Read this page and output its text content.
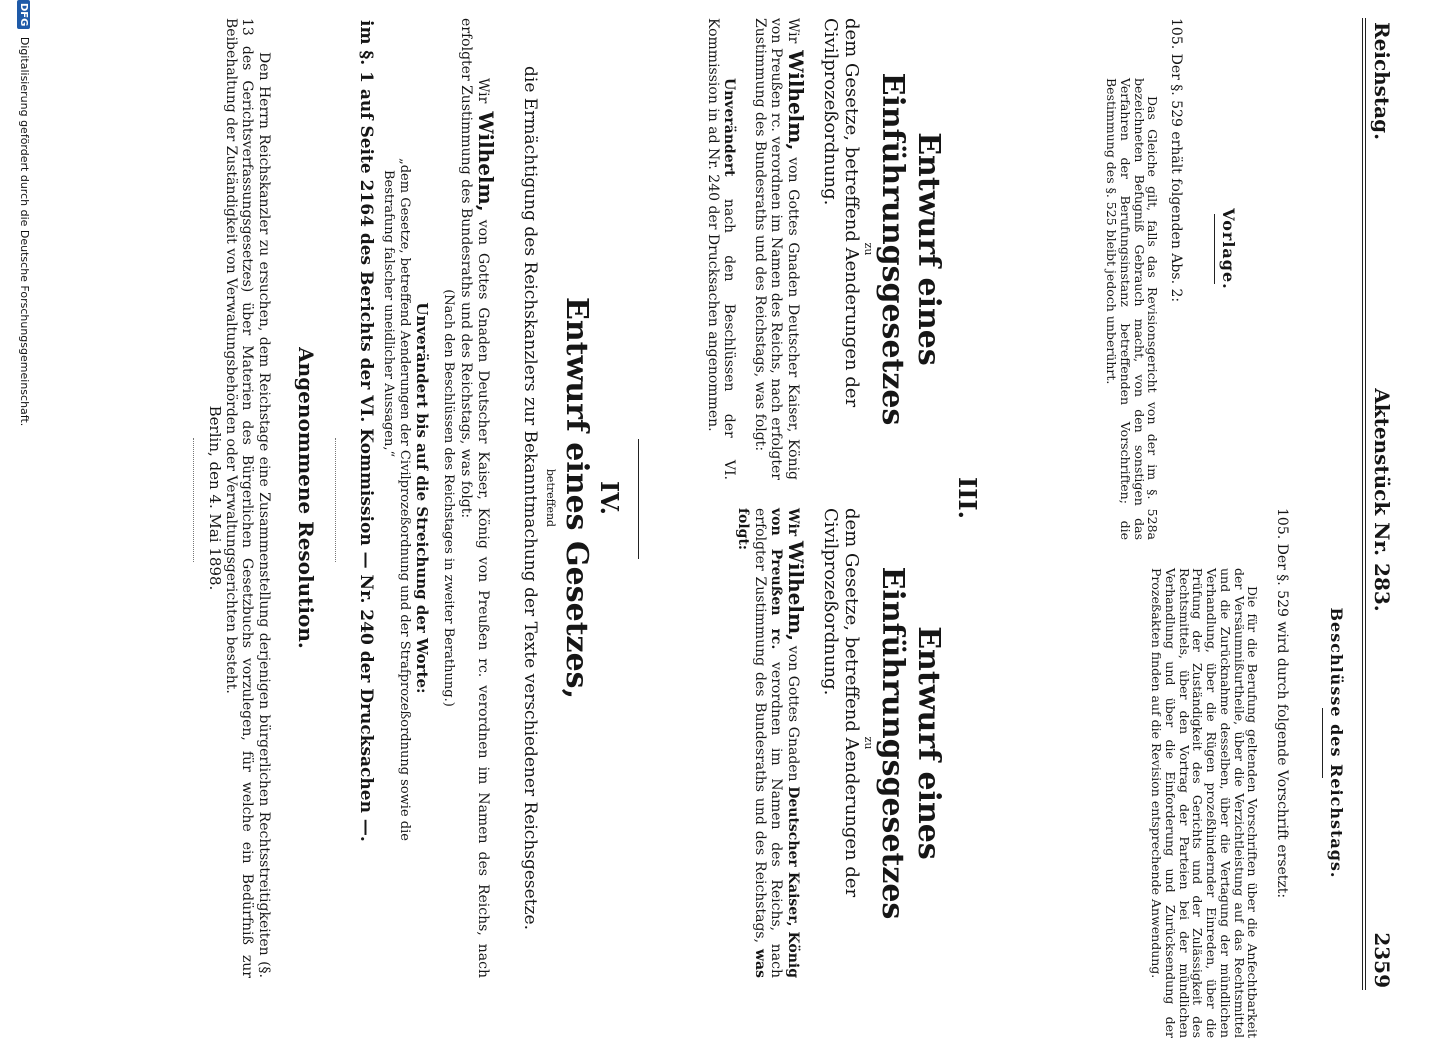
Reichstag.
Aktenstück Nr. 283.
2359
Vorlage.
Beschlüsse des Reichstags.

105. Der §. 529 erhält folgenden Abs. 2:

Das Gleiche gilt, falls das Revisionsgericht von der im §. 528a bezeichneten Befugniß Gebrauch macht, von den sonstigen das Verfahren der Berufungsinstanz betreffenden Vorschriften; die Bestimmung des §. 525 bleibt jedoch unberührt.

105. Der §. 529 wird durch folgende Vorschrift ersetzt:

Die für die Berufung geltenden Vorschriften über die Anfechtbarkeit der Versäumnißurtheile, über die Verzichtleistung auf das Rechtsmittel und die Zurücknahme desselben, über die Vertagung der mündlichen Verhandlung, über die Rügen prozeßhindernder Einreden, über die Prüfung der Zuständigkeit des Gerichts und der Zulässigkeit des Rechtsmittels, über den Vortrag der Parteien bei der mündlichen Verhandlung und über die Einforderung und Zurücksendung der Prozeßakten finden auf die Revision entsprechende Anwendung.

III.
Entwurf eines Einführungsgesetzes
zu
dem Gesetze, betreffend Aenderungen der Civilprozeßordnung.

Wir Wilhelm, von Gottes Gnaden Deutscher Kaiser, König von Preußen rc. verordnen im Namen des Reichs, nach erfolgter Zustimmung des Bundesraths und des Reichstags, was folgt:

Unverändert nach den Beschlüssen der VI. Kommission in ad Nr. 240 der Drucksachen angenommen.

Entwurf eines Einführungsgesetzes
zu
dem Gesetze, betreffend Aenderungen der Civilprozeßordnung.

Wir Wilhelm, von Gottes Gnaden Deutscher Kaiser, König von Preußen rc. verordnen im Namen des Reichs, nach erfolgter Zustimmung des Bundesraths und des Reichstags, was folgt:

IV.
Entwurf eines Gesetzes,
betreffend
die Ermächtigung des Reichskanzlers zur Bekanntmachung der Texte verschiedener Reichsgesetze.

Wir Wilhelm, von Gottes Gnaden Deutscher Kaiser, König von Preußen rc. verordnen im Namen des Reichs, nach erfolgter Zustimmung des Bundesraths und des Reichstags, was folgt:

(Nach den Beschlüssen des Reichstages in zweiter Berathung.)
Unverändert bis auf die Streichung der Worte:
„dem Gesetze, betreffend Aenderungen der Civilprozeßordnung und der Strafprozeßordnung sowie die
Bestrafung falscher uneidlicher Aussagen,“
im §. 1 auf Seite 2164 des Berichts der VI. Kommission — Nr. 240 der Drucksachen —.
Angenommene Resolution.

Den Herrn Reichskanzler zu ersuchen, dem Reichstage eine Zusammenstellung derjenigen bürgerlichen Rechtsstreitigkeiten (§. 13 des Gerichtsverfassungsgesetzes) über Materien des Bürgerlichen Gesetzbuchs vorzulegen, für welche ein Bedürfniß zur Beibehaltung der Zuständigkeit von Verwaltungsbehörden oder Verwaltungsgerichten besteht.

Berlin, den 4. Mai 1898.
DFG Digitalisierung gefördert durch die Deutsche Forschungsgemeinschaft.
